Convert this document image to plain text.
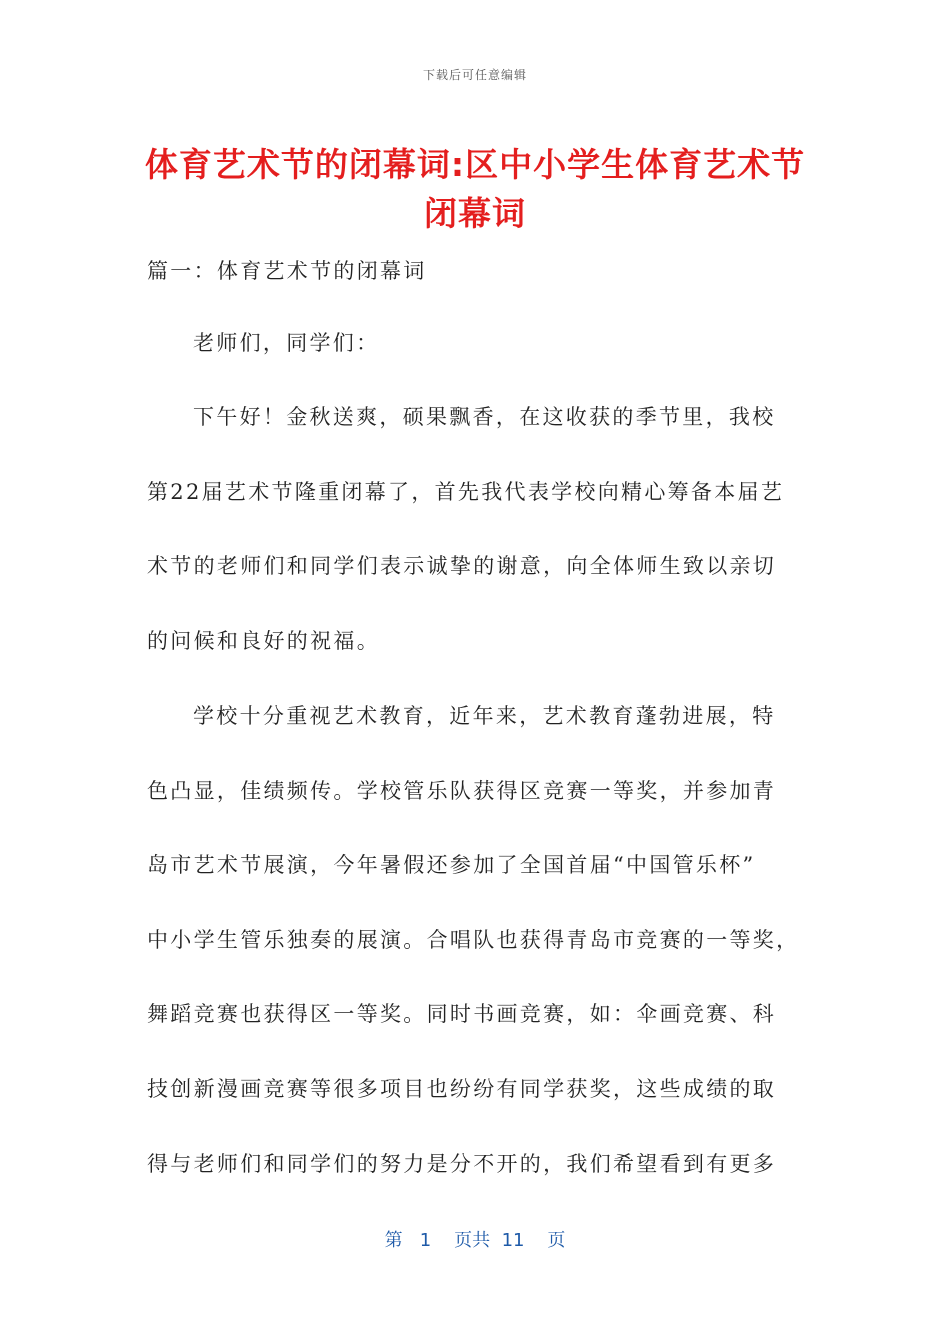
下载后可任意编辑
体育艺术节的闭幕词:区中小学生体育艺术节
闭幕词
篇一：体育艺术节的闭幕词
老师们，同学们：
下午好！金秋送爽，硕果飘香，在这收获的季节里，我校
第22届艺术节隆重闭幕了，首先我代表学校向精心筹备本届艺
术节的老师们和同学们表示诚挚的谢意，向全体师生致以亲切
的问候和良好的祝福。
学校十分重视艺术教育，近年来，艺术教育蓬勃进展，特
色凸显，佳绩频传。学校管乐队获得区竞赛一等奖，并参加青
岛市艺术节展演，今年暑假还参加了全国首届“中国管乐杯”
中小学生管乐独奏的展演。合唱队也获得青岛市竞赛的一等奖，
舞蹈竞赛也获得区一等奖。同时书画竞赛，如：伞画竞赛、科
技创新漫画竞赛等很多项目也纷纷有同学获奖，这些成绩的取
得与老师们和同学们的努力是分不开的，我们希望看到有更多
第 1 页共 11 页
